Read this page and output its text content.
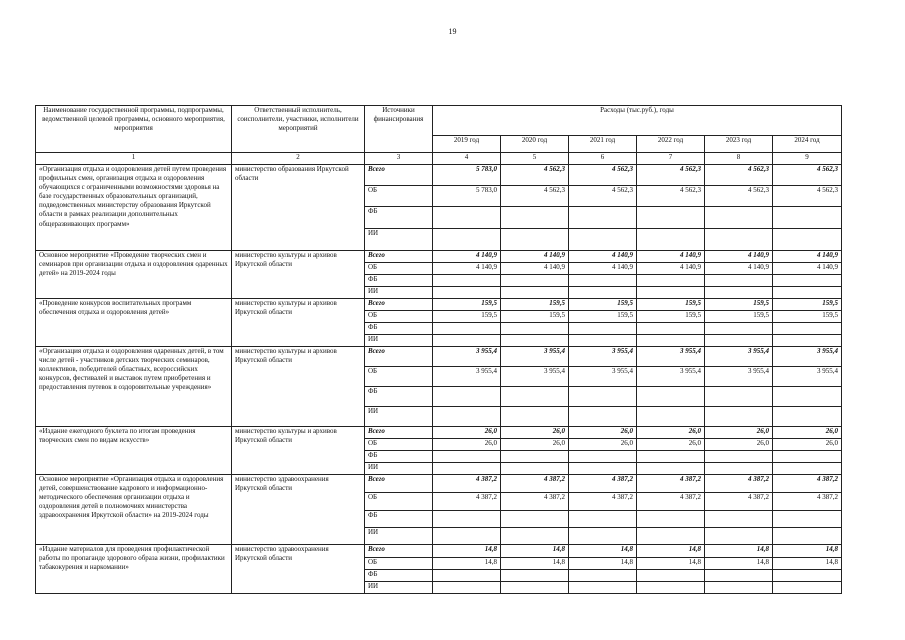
19
Наименование государственной программы, подпрограммы, ведомственной целевой программы, основного мероприятия, мероприятия	Ответственный исполнитель, соисполнители, участники, исполнители мероприятий	Источники финансирования	Расходы (тыс.руб.), годы					
			2019 год	2020 год	2021 год	2022 год	2023 год	2024 год
1	2	3	4	5	6	7	8	9
«Организация отдыха и оздоровления детей путем проведения профильных смен, организация отдыха и оздоровления обучающихся с ограниченными возможностями здоровья на базе государственных образовательных организаций, подведомственных министерству образования Иркутской области в рамках реализации дополнительных общеразвивающих программ»	министерство образования Иркутской области	Всего	5 783,0	4 562,3	4 562,3	4 562,3	4 562,3	4 562,3
		ОБ	5 783,0	4 562,3	4 562,3	4 562,3	4 562,3	4 562,3
		ФБ						
		ИИ						
Основное мероприятие «Проведение творческих смен и семинаров при организации отдыха и оздоровления одаренных детей» на 2019-2024 годы	министерство культуры и архивов Иркутской области	Всего	4 140,9	4 140,9	4 140,9	4 140,9	4 140,9	4 140,9
		ОБ	4 140,9	4 140,9	4 140,9	4 140,9	4 140,9	4 140,9
		ФБ						
		ИИ						
«Проведение конкурсов воспитательных программ обеспечения отдыха и оздоровления детей»	министерство культуры и архивов Иркутской области	Всего	159,5	159,5	159,5	159,5	159,5	159,5
		ОБ	159,5	159,5	159,5	159,5	159,5	159,5
		ФБ						
		ИИ						
«Организация отдыха и оздоровления одаренных детей, в том числе детей - участников детских творческих семинаров, коллективов, победителей областных, всероссийских конкурсов, фестивалей и выставок путем приобретения и предоставления путевок в оздоровительные учреждения»	министерство культуры и архивов Иркутской области	Всего	3 955,4	3 955,4	3 955,4	3 955,4	3 955,4	3 955,4
		ОБ	3 955,4	3 955,4	3 955,4	3 955,4	3 955,4	3 955,4
		ФБ						
		ИИ						
«Издание ежегодного буклета по итогам проведения творческих смен по видам искусств»	министерство культуры и архивов Иркутской области	Всего	26,0	26,0	26,0	26,0	26,0	26,0
		ОБ	26,0	26,0	26,0	26,0	26,0	26,0
		ФБ						
		ИИ						
Основное мероприятие «Организация отдыха и оздоровления детей, совершенствование кадрового и информационно-методического обеспечения организации отдыха и оздоровления детей в полномочиях министерства здравоохранения Иркутской области» на 2019-2024 годы	министерство здравоохранения Иркутской области	Всего	4 387,2	4 387,2	4 387,2	4 387,2	4 387,2	4 387,2
		ОБ	4 387,2	4 387,2	4 387,2	4 387,2	4 387,2	4 387,2
		ФБ						
		ИИ						
«Издание материалов для проведения профилактической работы по пропаганде здорового образа жизни, профилактики табакокурения и наркомании»	министерство здравоохранения Иркутской области	Всего	14,8	14,8	14,8	14,8	14,8	14,8
		ОБ	14,8	14,8	14,8	14,8	14,8	14,8
		ФБ						
		ИИ						
